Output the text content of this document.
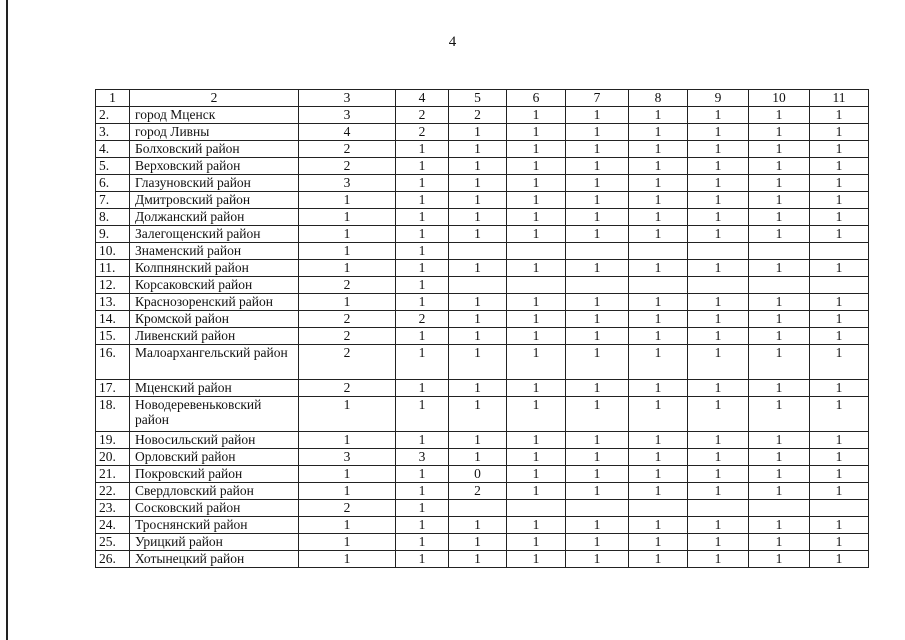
4
1	2	3	4	5	6	7	8	9	10	11
2.	город Мценск	3	2	2	1	1	1	1	1	1
3.	город Ливны	4	2	1	1	1	1	1	1	1
4.	Болховский район	2	1	1	1	1	1	1	1	1
5.	Верховский район	2	1	1	1	1	1	1	1	1
6.	Глазуновский район	3	1	1	1	1	1	1	1	1
7.	Дмитровский район	1	1	1	1	1	1	1	1	1
8.	Должанский район	1	1	1	1	1	1	1	1	1
9.	Залегощенский район	1	1	1	1	1	1	1	1	1
10.	Знаменский район	1	1							
11.	Колпнянский район	1	1	1	1	1	1	1	1	1
12.	Корсаковский район	2	1							
13.	Краснозоренский район	1	1	1	1	1	1	1	1	1
14.	Кромской район	2	2	1	1	1	1	1	1	1
15.	Ливенский район	2	1	1	1	1	1	1	1	1
16.	Малоархангельский район	2	1	1	1	1	1	1	1	1
17.	Мценский район	2	1	1	1	1	1	1	1	1
18.	Новодеревеньковский район	1	1	1	1	1	1	1	1	1
19.	Новосильский район	1	1	1	1	1	1	1	1	1
20.	Орловский район	3	3	1	1	1	1	1	1	1
21.	Покровский район	1	1	0	1	1	1	1	1	1
22.	Свердловский район	1	1	2	1	1	1	1	1	1
23.	Сосковский район	2	1							
24.	Троснянский район	1	1	1	1	1	1	1	1	1
25.	Урицкий район	1	1	1	1	1	1	1	1	1
26.	Хотынецкий район	1	1	1	1	1	1	1	1	1
